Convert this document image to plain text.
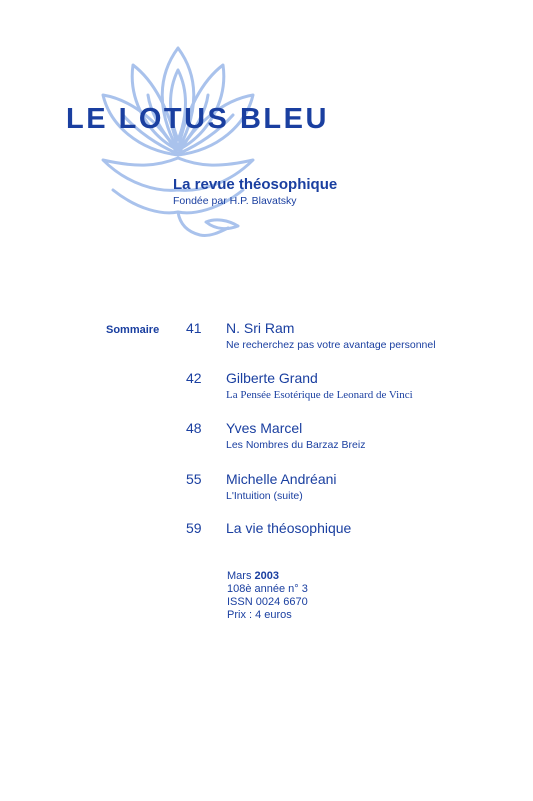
LE LOTUS BLEU
La revue théosophique
Fondée par H.P. Blavatsky
Sommaire 41 N. Sri Ram
Ne recherchez pas votre avantage personnel
42 Gilberte Grand
La Pensée Esotérique de Leonard de Vinci
48 Yves Marcel
Les Nombres du Barzaz Breiz
55 Michelle Andréani
L'Intuition (suite)
59 La vie théosophique
Mars 2003
108è année n° 3
ISSN 0024 6670
Prix : 4 euros
